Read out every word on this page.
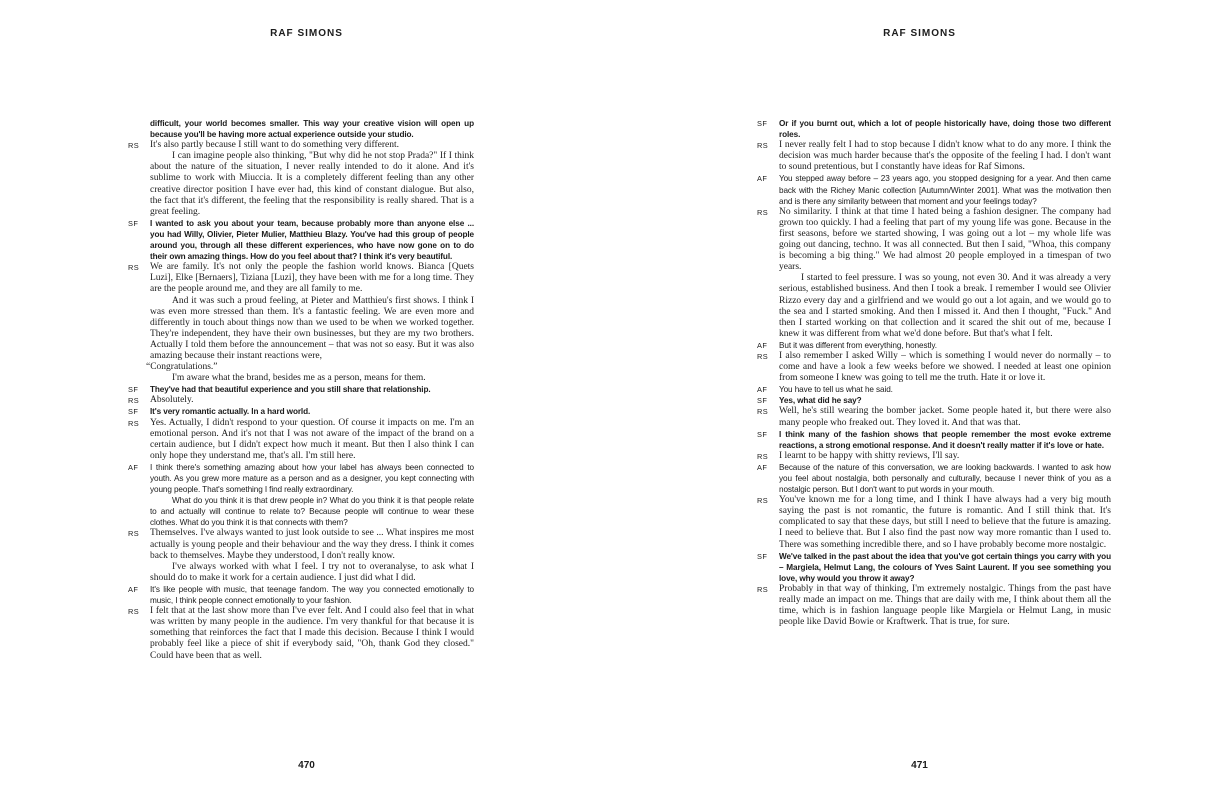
RAF SIMONS
difficult, your world becomes smaller. This way your creative vision will open up because you'll be having more actual experience outside your studio.
RS It's also partly because I still want to do something very different.
I can imagine people also thinking, "But why did he not stop Prada?" If I think about the nature of the situation, I never really intended to do it alone. And it's sublime to work with Miuccia. It is a completely different feeling than any other creative director position I have ever had, this kind of constant dialogue. But also, the fact that it's different, the feeling that the responsibility is really shared. That is a great feeling.
SF I wanted to ask you about your team, because probably more than anyone else ... you had Willy, Olivier, Pieter Mulier, Matthieu Blazy. You've had this group of people around you, through all these different experiences, who have now gone on to do their own amazing things. How do you feel about that? I think it's very beautiful.
RS We are family. It's not only the people the fashion world knows. Bianca [Quets Luzi], Elke [Bernaers], Tiziana [Luzi], they have been with me for a long time. They are the people around me, and they are all family to me.
And it was such a proud feeling, at Pieter and Matthieu's first shows. I think I was even more stressed than them. It's a fantastic feeling. We are even more and differently in touch about things now than we used to be when we worked together. They're independent, they have their own businesses, but they are my two brothers. Actually I told them before the announcement – that was not so easy. But it was also amazing because their instant reactions were,
“Congratulations.”
I'm aware what the brand, besides me as a person, means for them.
SF They've had that beautiful experience and you still share that relationship.
RS Absolutely.
SF It's very romantic actually. In a hard world.
RS Yes. Actually, I didn't respond to your question. Of course it impacts on me. I'm an emotional person. And it's not that I was not aware of the impact of the brand on a certain audience, but I didn't expect how much it meant. But then I also think I can only hope they understand me, that's all. I'm still here.
AF I think there's something amazing about how your label has always been connected to youth. As you grew more mature as a person and as a designer, you kept connecting with young people. That's something I find really extraordinary.
What do you think it is that drew people in? What do you think it is that people relate to and actually will continue to relate to? Because people will continue to wear these clothes. What do you think it is that connects with them?
RS Themselves. I've always wanted to just look outside to see ... What inspires me most actually is young people and their behaviour and the way they dress. I think it comes back to themselves. Maybe they understood, I don't really know.
I've always worked with what I feel. I try not to overanalyse, to ask what I should do to make it work for a certain audience. I just did what I did.
AF It's like people with music, that teenage fandom. The way you connected emotionally to music, I think people connect emotionally to your fashion.
RS I felt that at the last show more than I've ever felt. And I could also feel that in what was written by many people in the audience. I'm very thankful for that because it is something that reinforces the fact that I made this decision. Because I think I would probably feel like a piece of shit if everybody said, "Oh, thank God they closed." Could have been that as well.
470
RAF SIMONS
SF Or if you burnt out, which a lot of people historically have, doing those two different roles.
RS I never really felt I had to stop because I didn't know what to do any more. I think the decision was much harder because that's the opposite of the feeling I had. I don't want to sound pretentious, but I constantly have ideas for Raf Simons.
AF You stepped away before – 23 years ago, you stopped designing for a year. And then came back with the Richey Manic collection [Autumn/Winter 2001]. What was the motivation then and is there any similarity between that moment and your feelings today?
RS No similarity. I think at that time I hated being a fashion designer. The company had grown too quickly. I had a feeling that part of my young life was gone. Because in the first seasons, before we started showing, I was going out a lot – my whole life was going out dancing, techno. It was all connected. But then I said, "Whoa, this company is becoming a big thing." We had almost 20 people employed in a timespan of two years.
I started to feel pressure. I was so young, not even 30. And it was already a very serious, established business. And then I took a break. I remember I would see Olivier Rizzo every day and a girlfriend and we would go out a lot again, and we would go to the sea and I started smoking. And then I missed it. And then I thought, "Fuck." And then I started working on that collection and it scared the shit out of me, because I knew it was different from what we'd done before. But that's what I felt.
AF But it was different from everything, honestly.
RS I also remember I asked Willy – which is something I would never do normally – to come and have a look a few weeks before we showed. I needed at least one opinion from someone I knew was going to tell me the truth. Hate it or love it.
AF You have to tell us what he said.
SF Yes, what did he say?
RS Well, he's still wearing the bomber jacket. Some people hated it, but there were also many people who freaked out. They loved it. And that was that.
SF I think many of the fashion shows that people remember the most evoke extreme reactions, a strong emotional response. And it doesn't really matter if it's love or hate.
RS I learnt to be happy with shitty reviews, I'll say.
AF Because of the nature of this conversation, we are looking backwards. I wanted to ask how you feel about nostalgia, both personally and culturally, because I never think of you as a nostalgic person. But I don't want to put words in your mouth.
RS You've known me for a long time, and I think I have always had a very big mouth saying the past is not romantic, the future is romantic. And I still think that. It's complicated to say that these days, but still I need to believe that the future is amazing. I need to believe that. But I also find the past now way more romantic than I used to. There was something incredible there, and so I have probably become more nostalgic.
SF We've talked in the past about the idea that you've got certain things you carry with you – Margiela, Helmut Lang, the colours of Yves Saint Laurent. If you see something you love, why would you throw it away?
RS Probably in that way of thinking, I'm extremely nostalgic. Things from the past have really made an impact on me. Things that are daily with me, I think about them all the time, which is in fashion language people like Margiela or Helmut Lang, in music people like David Bowie or Kraftwerk. That is true, for sure.
471
